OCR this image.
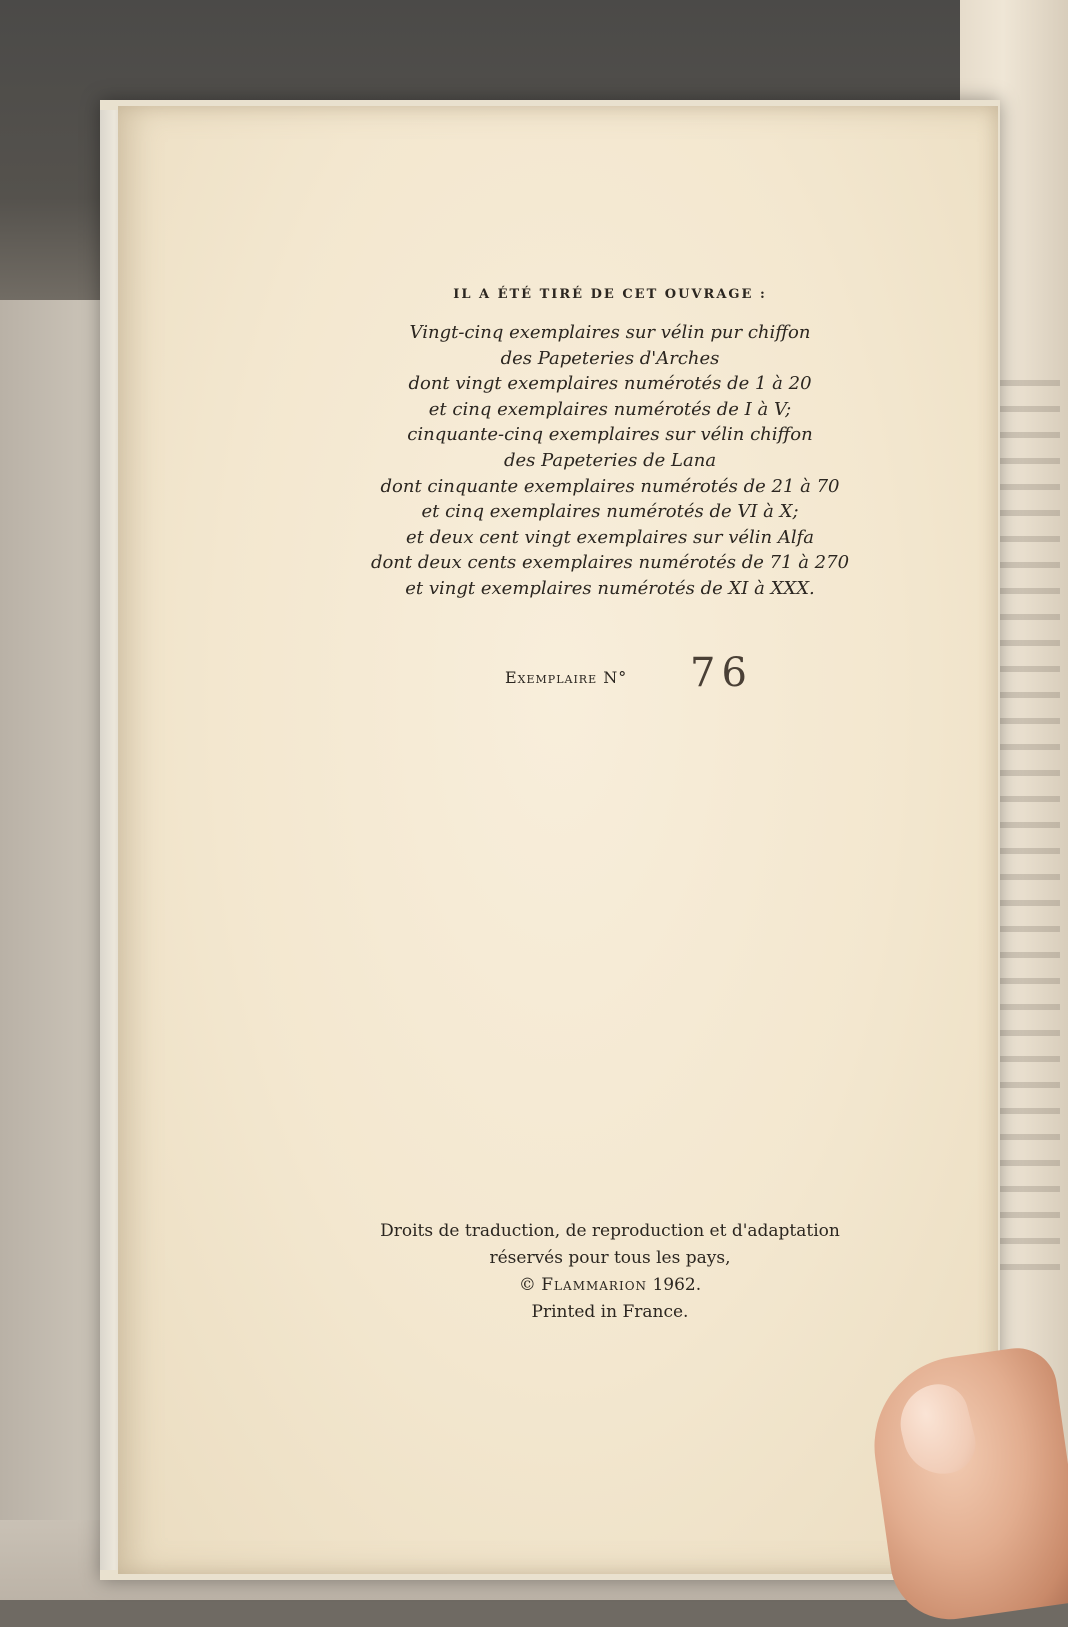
IL A ÉTÉ TIRÉ DE CET OUVRAGE :
Vingt-cinq exemplaires sur vélin pur chiffon
des Papeteries d'Arches
dont vingt exemplaires numérotés de 1 à 20
et cinq exemplaires numérotés de I à V;
cinquante-cinq exemplaires sur vélin chiffon
des Papeteries de Lana
dont cinquante exemplaires numérotés de 21 à 70
et cinq exemplaires numérotés de VI à X;
et deux cent vingt exemplaires sur vélin Alfa
dont deux cents exemplaires numérotés de 71 à 270
et vingt exemplaires numérotés de XI à XXX.
Exemplaire N° 76
Droits de traduction, de reproduction et d'adaptation
réservés pour tous les pays,
© Flammarion 1962.
Printed in France.
